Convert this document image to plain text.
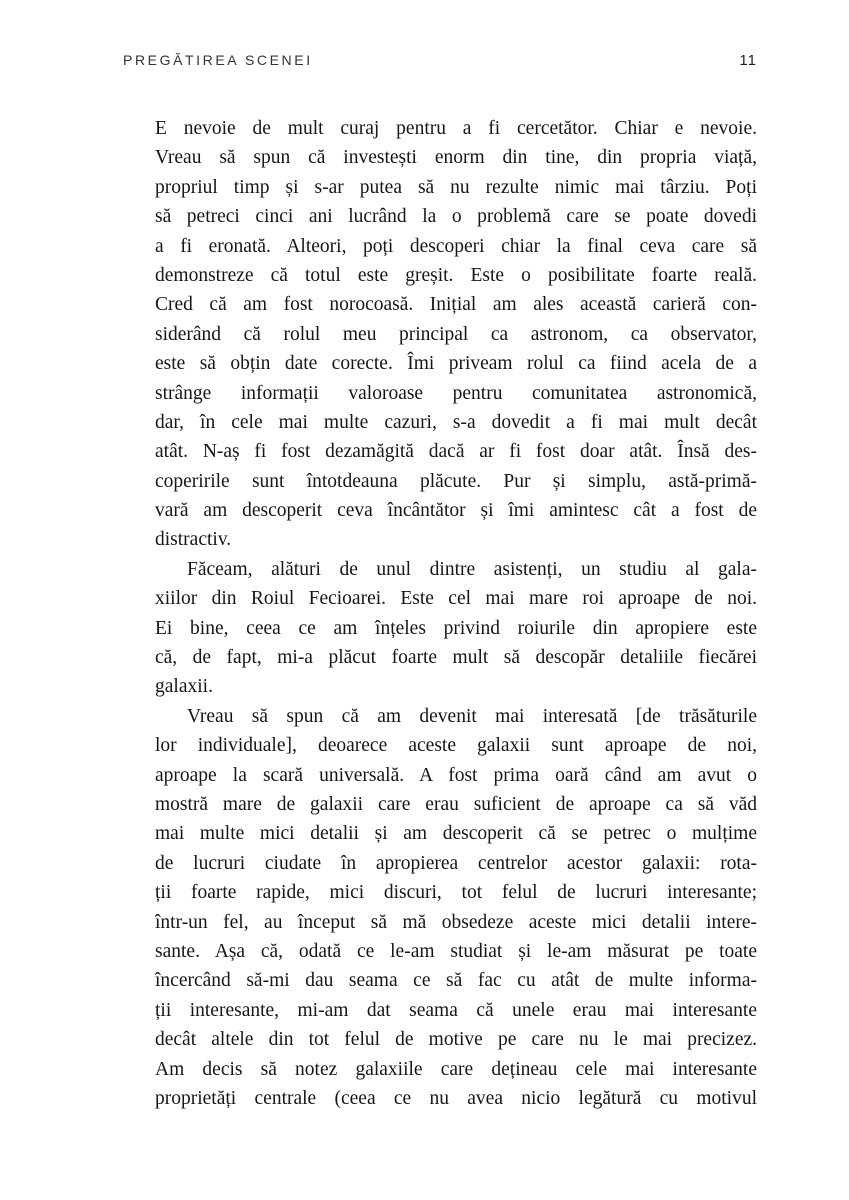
PREGĂTIREA SCENEI	11
E nevoie de mult curaj pentru a fi cercetător. Chiar e nevoie.
Vreau să spun că investești enorm din tine, din propria viață,
propriul timp și s-ar putea să nu rezulte nimic mai târziu. Poți
să petreci cinci ani lucrând la o problemă care se poate dovedi
a fi eronată. Alteori, poți descoperi chiar la final ceva care să
demonstreze că totul este greșit. Este o posibilitate foarte reală.
Cred că am fost norocoasă. Inițial am ales această carieră con-
siderând că rolul meu principal ca astronom, ca observator,
este să obțin date corecte. Îmi priveam rolul ca fiind acela de a
strânge informații valoroase pentru comunitatea astronomică,
dar, în cele mai multe cazuri, s-a dovedit a fi mai mult decât
atât. N-aș fi fost dezamăgită dacă ar fi fost doar atât. Însă des-
coperirile sunt întotdeauna plăcute. Pur și simplu, astă-primă-
vară am descoperit ceva încântător și îmi amintesc cât a fost de
distractiv.
Făceam, alături de unul dintre asistenți, un studiu al gala-
xiilor din Roiul Fecioarei. Este cel mai mare roi aproape de noi.
Ei bine, ceea ce am înțeles privind roiurile din apropiere este
că, de fapt, mi-a plăcut foarte mult să descopăr detaliile fiecărei
galaxii.
Vreau să spun că am devenit mai interesată [de trăsăturile
lor individuale], deoarece aceste galaxii sunt aproape de noi,
aproape la scară universală. A fost prima oară când am avut o
mostră mare de galaxii care erau suficient de aproape ca să văd
mai multe mici detalii și am descoperit că se petrec o mulțime
de lucruri ciudate în apropierea centrelor acestor galaxii: rota-
ții foarte rapide, mici discuri, tot felul de lucruri interesante;
într-un fel, au început să mă obsedeze aceste mici detalii intere-
sante. Așa că, odată ce le-am studiat și le-am măsurat pe toate
încercând să-mi dau seama ce să fac cu atât de multe informa-
ții interesante, mi-am dat seama că unele erau mai interesante
decât altele din tot felul de motive pe care nu le mai precizez.
Am decis să notez galaxiile care dețineau cele mai interesante
proprietăți centrale (ceea ce nu avea nicio legătură cu motivul
